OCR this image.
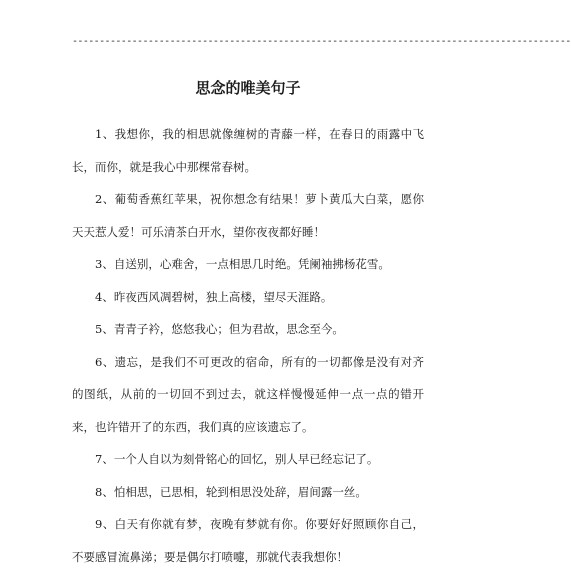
--------------------------------------------------------------------------------------------
思念的唯美句子

1、我想你，我的相思就像缠树的青藤一样，在春日的雨露中飞长，而你，就是我心中那棵常春树。

2、葡萄香蕉红苹果，祝你想念有结果！萝卜黄瓜大白菜，愿你天天惹人爱！可乐清茶白开水，望你夜夜都好睡！

3、自送别，心难舍，一点相思几时绝。凭阑袖拂杨花雪。

4、昨夜西风凋碧树，独上高楼，望尽天涯路。

5、青青子衿，悠悠我心；但为君故，思念至今。

6、遗忘，是我们不可更改的宿命，所有的一切都像是没有对齐的图纸，从前的一切回不到过去，就这样慢慢延伸一点一点的错开来，也许错开了的东西，我们真的应该遗忘了。

7、一个人自以为刻骨铭心的回忆，别人早已经忘记了。

8、怕相思，已思相，轮到相思没处辞，眉间露一丝。

9、白天有你就有梦，夜晚有梦就有你。你要好好照顾你自己，不要感冒流鼻涕；要是偶尔打喷嚏，那就代表我想你！
